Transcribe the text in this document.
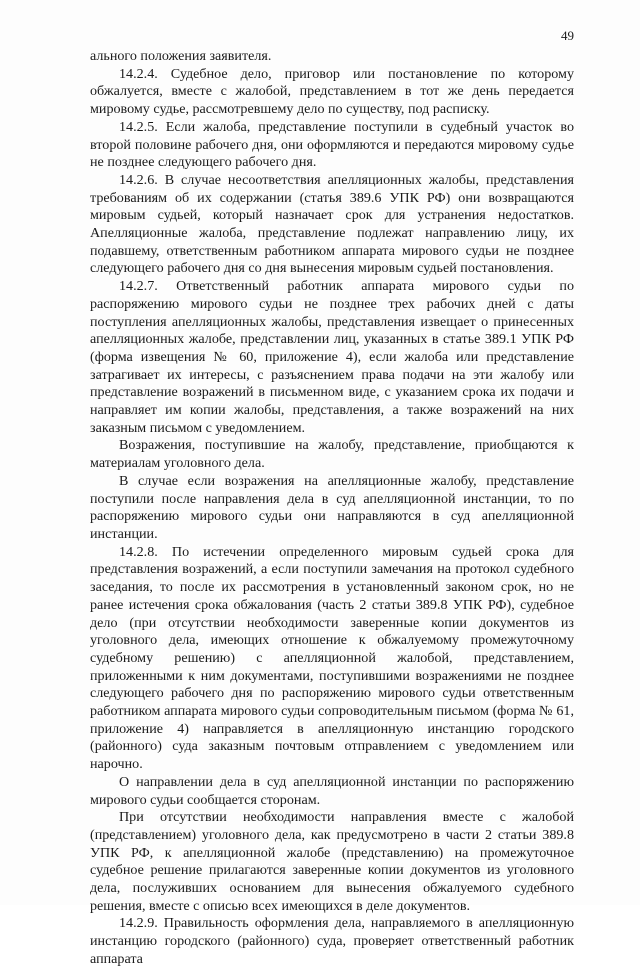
49

ального положения заявителя.

14.2.4. Судебное дело, приговор или постановление по которому обжалуется, вместе с жалобой, представлением в тот же день передается мировому судье, рассмотревшему дело по существу, под расписку.

14.2.5. Если жалоба, представление поступили в судебный участок во второй половине рабочего дня, они оформляются и передаются мировому судье не позднее следующего рабочего дня.

14.2.6. В случае несоответствия апелляционных жалобы, представления требованиям об их содержании (статья 389.6 УПК РФ) они возвращаются мировым судьей, который назначает срок для устранения недостатков. Апелляционные жалоба, представление подлежат направлению лицу, их подавшему, ответственным работником аппарата мирового судьи не позднее следующего рабочего дня со дня вынесения мировым судьей постановления.

14.2.7. Ответственный работник аппарата мирового судьи по распоряжению мирового судьи не позднее трех рабочих дней с даты поступления апелляционных жалобы, представления извещает о принесенных апелляционных жалобе, представлении лиц, указанных в статье 389.1 УПК РФ (форма извещения № 60, приложение 4), если жалоба или представление затрагивает их интересы, с разъяснением права подачи на эти жалобу или представление возражений в письменном виде, с указанием срока их подачи и направляет им копии жалобы, представления, а также возражений на них заказным письмом с уведомлением.

Возражения, поступившие на жалобу, представление, приобщаются к материалам уголовного дела.

В случае если возражения на апелляционные жалобу, представление поступили после направления дела в суд апелляционной инстанции, то по распоряжению мирового судьи они направляются в суд апелляционной инстанции.

14.2.8. По истечении определенного мировым судьей срока для представления возражений, а если поступили замечания на протокол судебного заседания, то после их рассмотрения в установленный законом срок, но не ранее истечения срока обжалования (часть 2 статьи 389.8 УПК РФ), судебное дело (при отсутствии необходимости заверенные копии документов из уголовного дела, имеющих отношение к обжалуемому промежуточному судебному решению) с апелляционной жалобой, представлением, приложенными к ним документами, поступившими возражениями не позднее следующего рабочего дня по распоряжению мирового судьи ответственным работником аппарата мирового судьи сопроводительным письмом (форма № 61, приложение 4) направляется в апелляционную инстанцию городского (районного) суда заказным почтовым отправлением с уведомлением или нарочно.

О направлении дела в суд апелляционной инстанции по распоряжению мирового судьи сообщается сторонам.

При отсутствии необходимости направления вместе с жалобой (представлением) уголовного дела, как предусмотрено в части 2 статьи 389.8 УПК РФ, к апелляционной жалобе (представлению) на промежуточное судебное решение прилагаются заверенные копии документов из уголовного дела, послуживших основанием для вынесения обжалуемого судебного решения, вместе с описью всех имеющихся в деле документов.

14.2.9. Правильность оформления дела, направляемого в апелляционную инстанцию городского (районного) суда, проверяет ответственный работник аппарата
